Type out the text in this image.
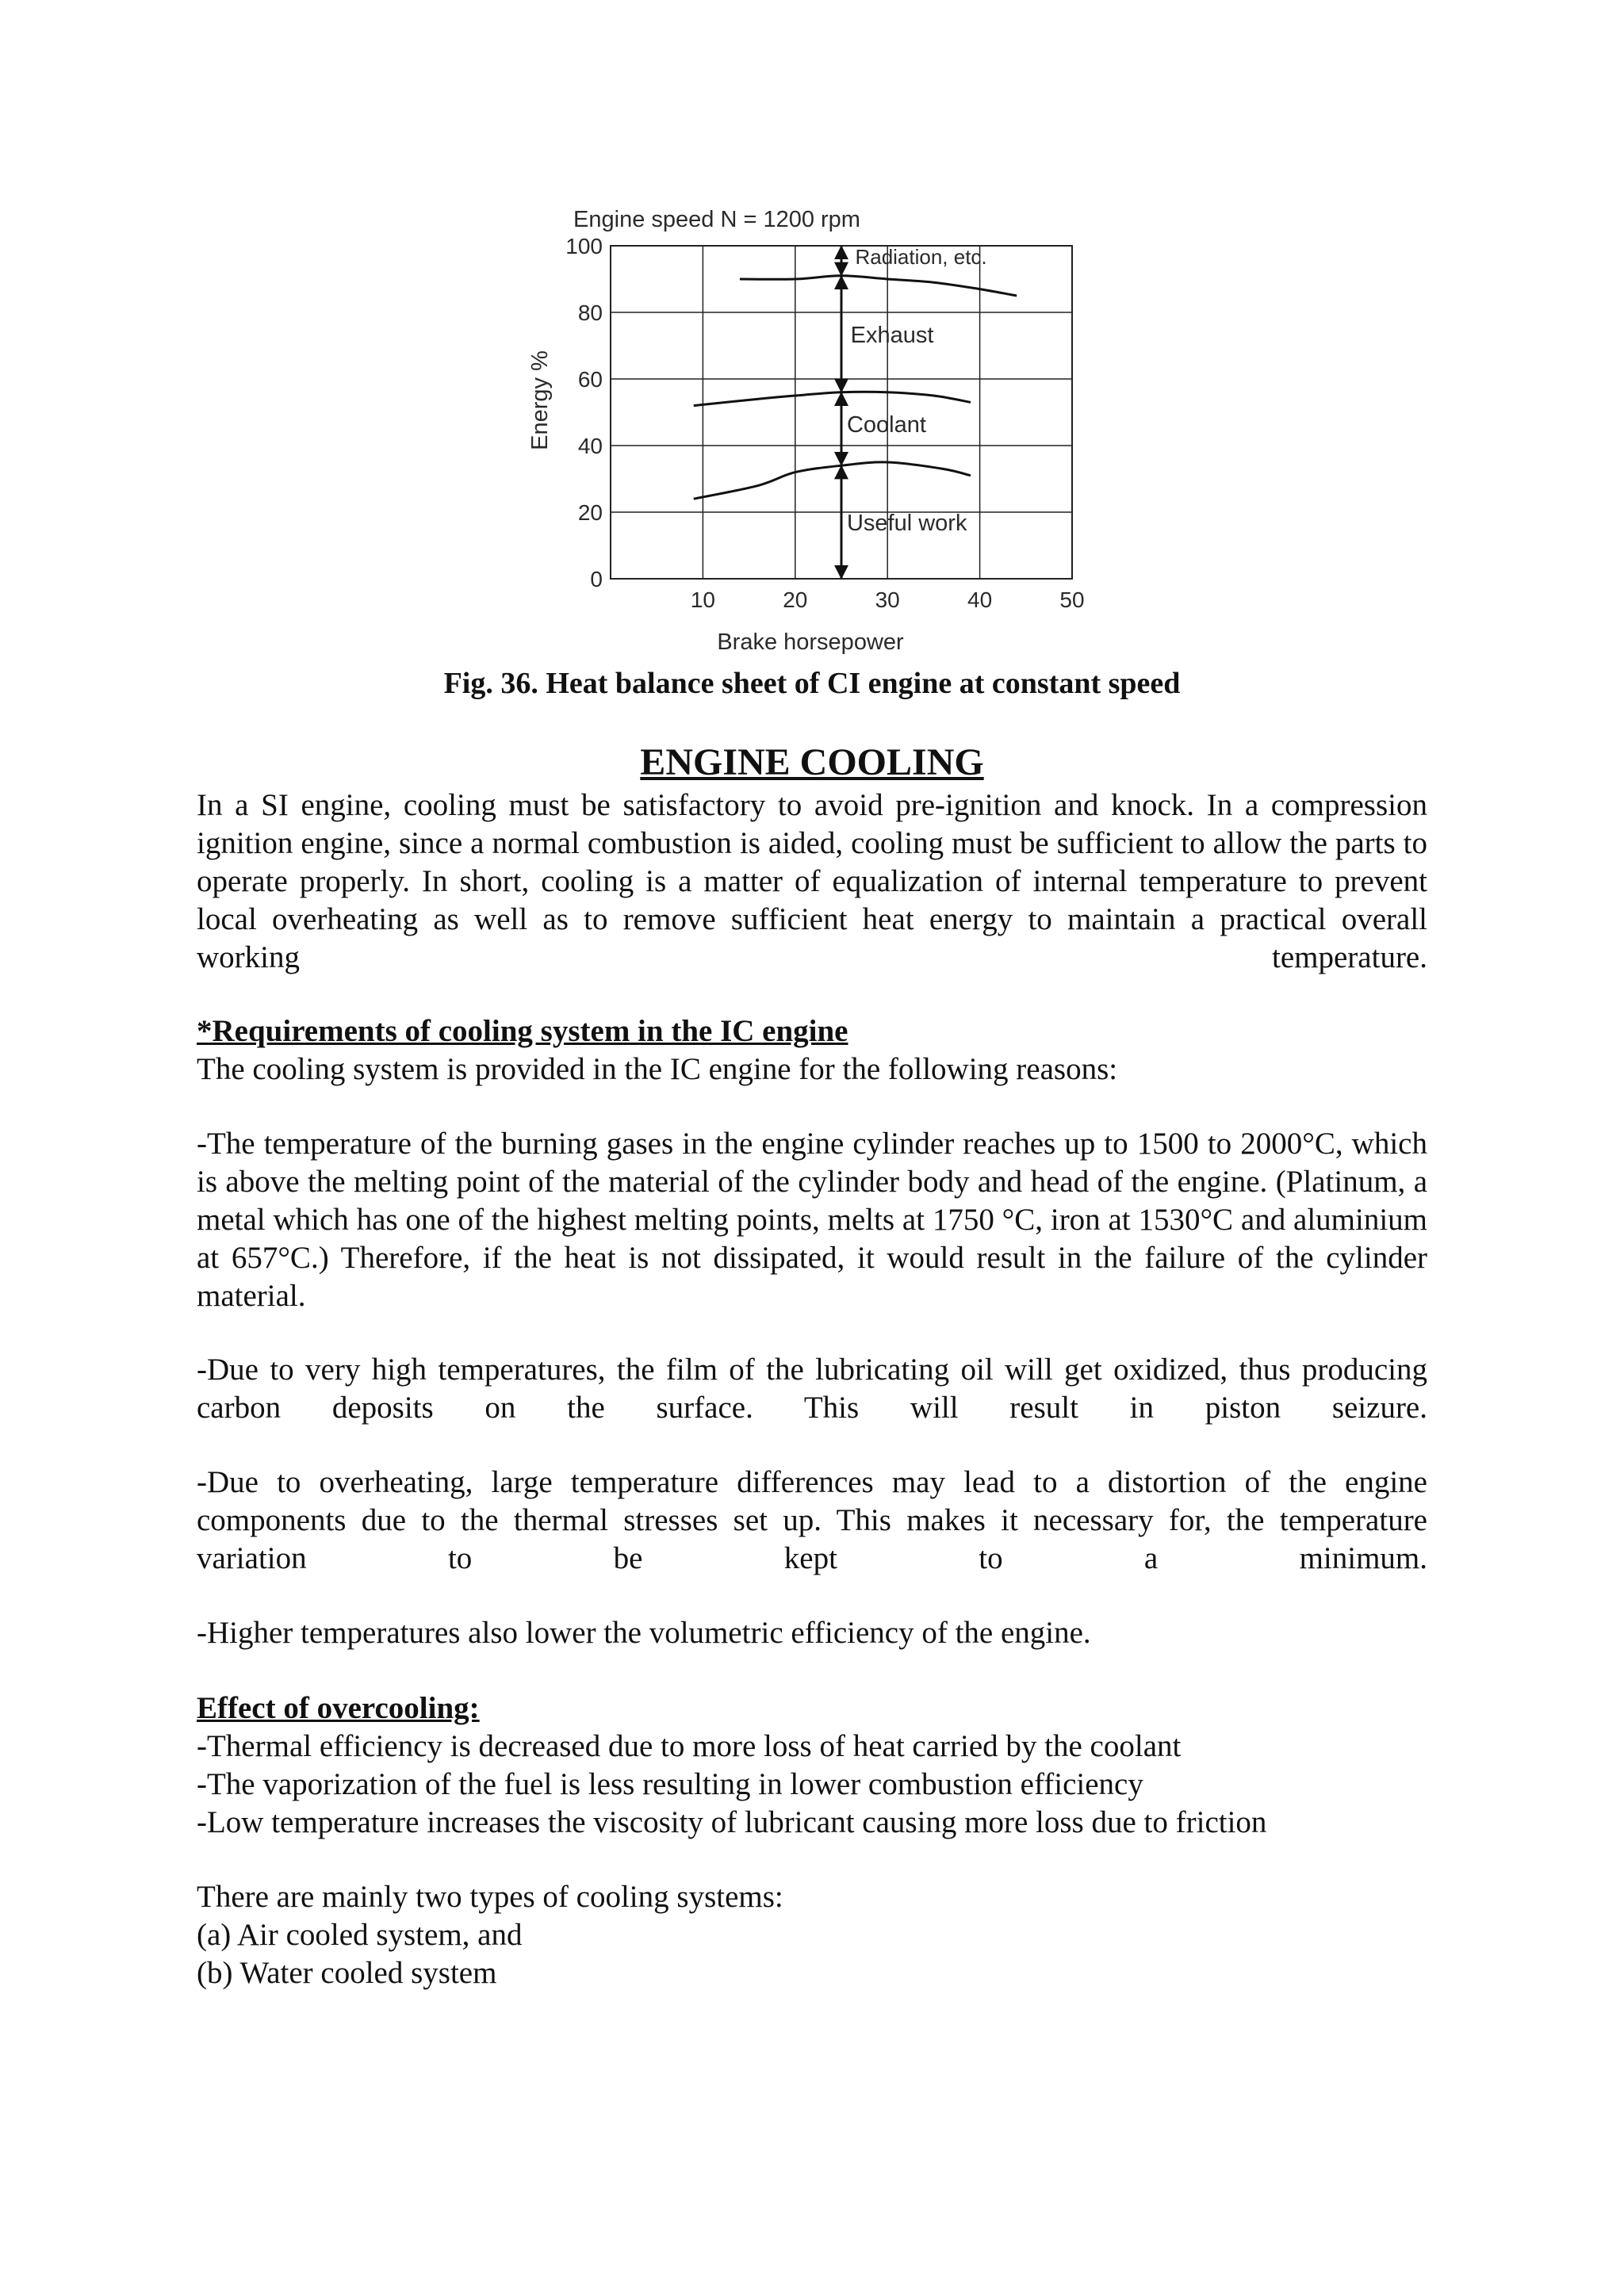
Engine speed N = 1200 rpm
Energy %
Brake horsepower
10	20	30	40	50
0
20
40
60
80
100	Radiation, etc.
Exhaust
Coolant
Useful work

Fig. 36. Heat balance sheet of CI engine at constant speed

ENGINE COOLING
In a SI engine, cooling must be satisfactory to avoid pre-ignition and knock. In a compression ignition engine, since a normal combustion is aided, cooling must be sufficient to allow the parts to operate properly. In short, cooling is a matter of equalization of internal temperature to prevent local overheating as well as to remove sufficient heat energy to maintain a practical overall working temperature.

*Requirements of cooling system in the IC engine

The cooling system is provided in the IC engine for the following reasons:

-The temperature of the burning gases in the engine cylinder reaches up to 1500 to 2000°C, which is above the melting point of the material of the cylinder body and head of the engine. (Platinum, a metal which has one of the highest melting points, melts at 1750 °C, iron at 1530°C and aluminium at 657°C.) Therefore, if the heat is not dissipated, it would result in the failure of the cylinder material.
-Due to very high temperatures, the film of the lubricating oil will get oxidized, thus producing carbon deposits on the surface. This will result in piston seizure.
-Due to overheating, large temperature differences may lead to a distortion of the engine components due to the thermal stresses set up. This makes it necessary for, the temperature variation to be kept to a minimum.
-Higher temperatures also lower the volumetric efficiency of the engine.

Effect of overcooling:

-Thermal efficiency is decreased due to more loss of heat carried by the coolant

-The vaporization of the fuel is less resulting in lower combustion efficiency

-Low temperature increases the viscosity of lubricant causing more loss due to friction

There are mainly two types of cooling systems:

(a) Air cooled system, and

(b) Water cooled system
